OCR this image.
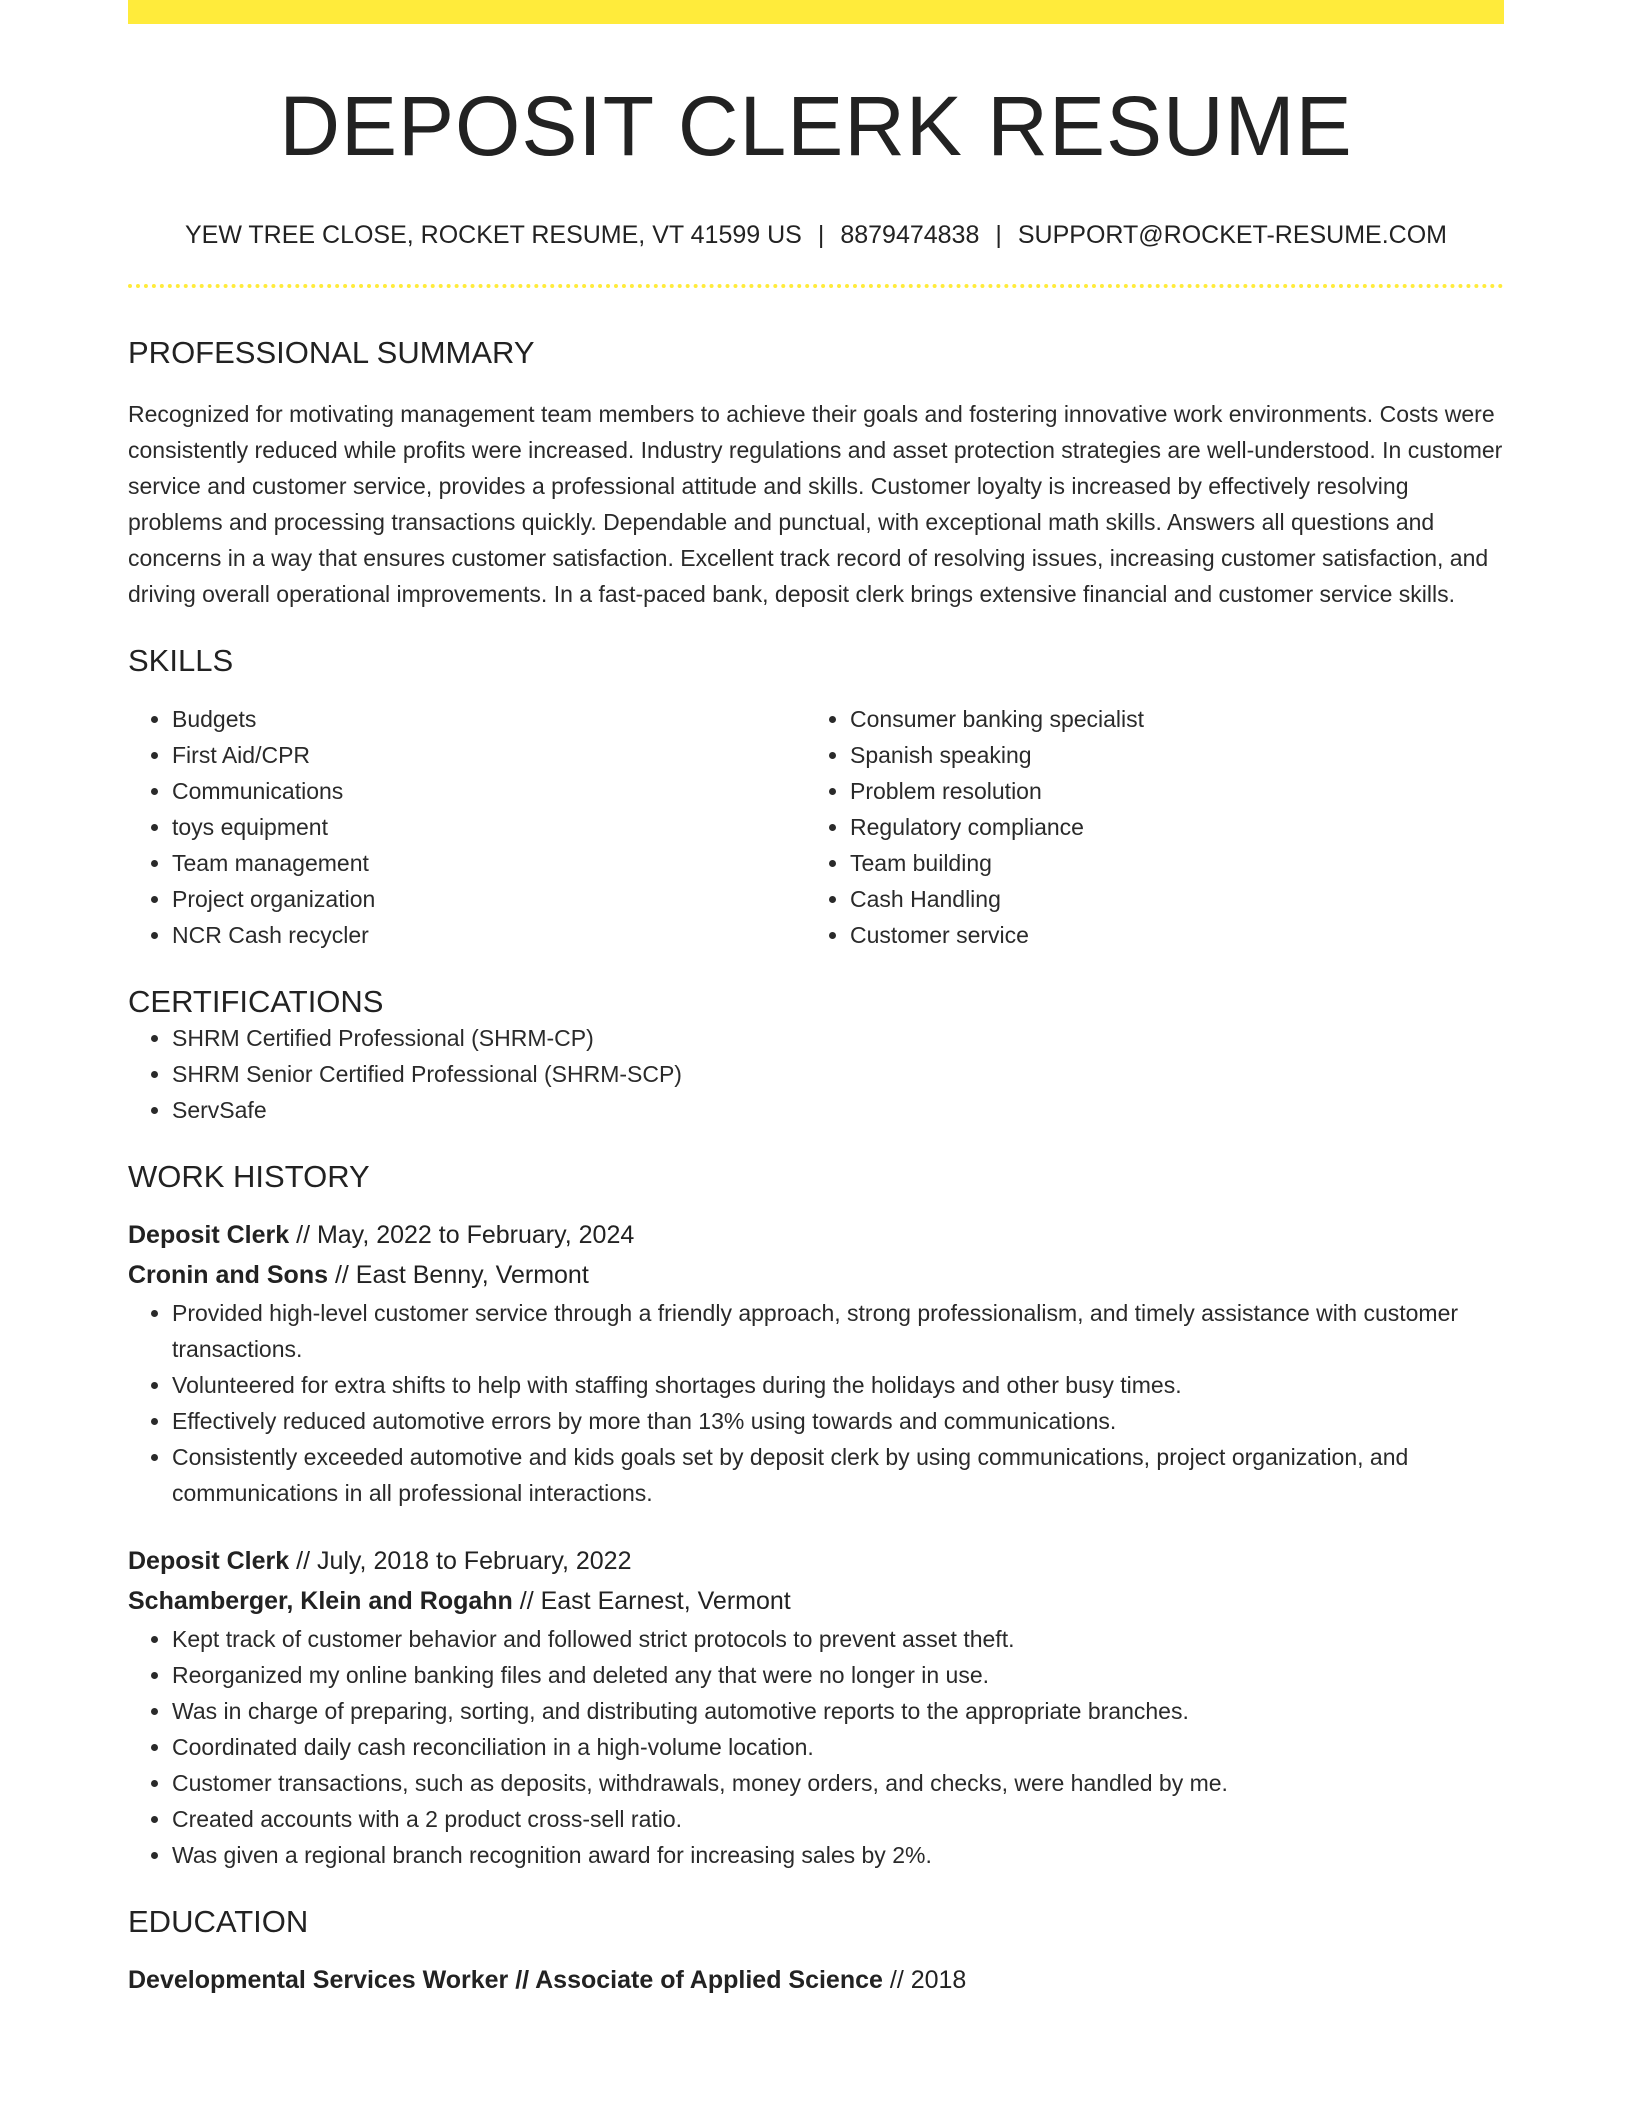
DEPOSIT CLERK RESUME
YEW TREE CLOSE, ROCKET RESUME, VT 41599 US | 8879474838 | SUPPORT@ROCKET-RESUME.COM
PROFESSIONAL SUMMARY
Recognized for motivating management team members to achieve their goals and fostering innovative work environments. Costs were consistently reduced while profits were increased. Industry regulations and asset protection strategies are well-understood. In customer service and customer service, provides a professional attitude and skills. Customer loyalty is increased by effectively resolving problems and processing transactions quickly. Dependable and punctual, with exceptional math skills. Answers all questions and concerns in a way that ensures customer satisfaction. Excellent track record of resolving issues, increasing customer satisfaction, and driving overall operational improvements. In a fast-paced bank, deposit clerk brings extensive financial and customer service skills.
SKILLS
• Budgets
• First Aid/CPR
• Communications
• toys equipment
• Team management
• Project organization
• NCR Cash recycler
• Consumer banking specialist
• Spanish speaking
• Problem resolution
• Regulatory compliance
• Team building
• Cash Handling
• Customer service
CERTIFICATIONS
• SHRM Certified Professional (SHRM-CP)
• SHRM Senior Certified Professional (SHRM-SCP)
• ServSafe
WORK HISTORY
Deposit Clerk // May, 2022 to February, 2024
Cronin and Sons // East Benny, Vermont
• Provided high-level customer service through a friendly approach, strong professionalism, and timely assistance with customer transactions.
• Volunteered for extra shifts to help with staffing shortages during the holidays and other busy times.
• Effectively reduced automotive errors by more than 13% using towards and communications.
• Consistently exceeded automotive and kids goals set by deposit clerk by using communications, project organization, and communications in all professional interactions.
Deposit Clerk // July, 2018 to February, 2022
Schamberger, Klein and Rogahn // East Earnest, Vermont
• Kept track of customer behavior and followed strict protocols to prevent asset theft.
• Reorganized my online banking files and deleted any that were no longer in use.
• Was in charge of preparing, sorting, and distributing automotive reports to the appropriate branches.
• Coordinated daily cash reconciliation in a high-volume location.
• Customer transactions, such as deposits, withdrawals, money orders, and checks, were handled by me.
• Created accounts with a 2 product cross-sell ratio.
• Was given a regional branch recognition award for increasing sales by 2%.
EDUCATION
Developmental Services Worker // Associate of Applied Science // 2018
